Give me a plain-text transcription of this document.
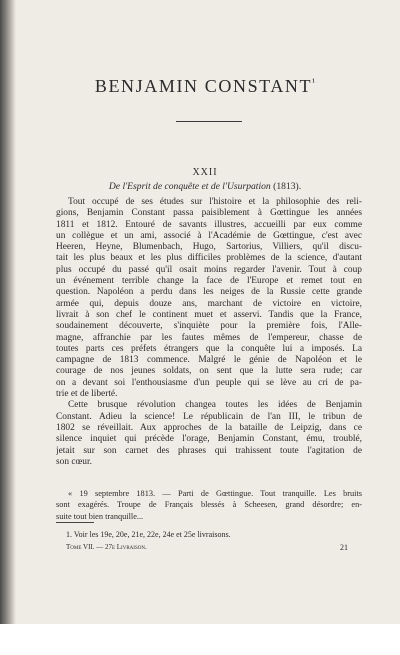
BENJAMIN $CONSTANT^{^1}$
XXII
De l'Esprit de conquête et de l'Usurpation (1813).
Tout occupé de ses études sur l'histoire et la philosophie des reli-
gions, Benjamin Constant passa paisiblement à Gœttingue les années
1811 et 1812. Entouré de savants illustres, accueilli par eux comme
un collègue et un ami, associé à l'Académie de Gœttingue, c'est avec
Heeren, Heyne, Blumenbach, Hugo, Sartorius, Villiers, qu'il discu-
tait les plus beaux et les plus difficiles problèmes de la science, d'autant
plus occupé du passé qu'il osait moins regarder l'avenir. Tout à coup
un événement terrible change la face de l'Europe et remet tout en
question. Napoléon a perdu dans les neiges de la Russie cette grande
armée qui, depuis douze ans, marchant de victoire en victoire,
livrait à son chef le continent muet et asservi. Tandis que la France,
soudainement découverte, s'inquiète pour la première fois, l'Alle-
magne, affranchie par les fautes mêmes de l'empereur, chasse de
toutes parts ces préfets étrangers que la conquête lui a imposés. La
campagne de 1813 commence. Malgré le génie de Napoléon et le
courage de nos jeunes soldats, on sent que la lutte sera rude; car
on a devant soi l'enthousiasme d'un peuple qui se lève au cri de pa-
trie et de liberté.
Cette brusque révolution changea toutes les idées de Benjamin
Constant. Adieu la science! Le républicain de l'an III, le tribun de
1802 se réveillait. Aux approches de la bataille de Leipzig, dans ce
silence inquiet qui précède l'orage, Benjamin Constant, ému, troublé,
jetait sur son carnet des phrases qui trahissent toute l'agitation de
son cœur.
« 19 septembre 1813. — Parti de Gœttingue. Tout tranquille. Les bruits
sont exagérés. Troupe de Français blessés à Scheesen, grand désordre; en-
suite tout bien tranquille...
1. Voir les 19e, 20e, 21e, 22e, 24e et 25e livraisons.
Tome VII. — 27e Livraison.	21
